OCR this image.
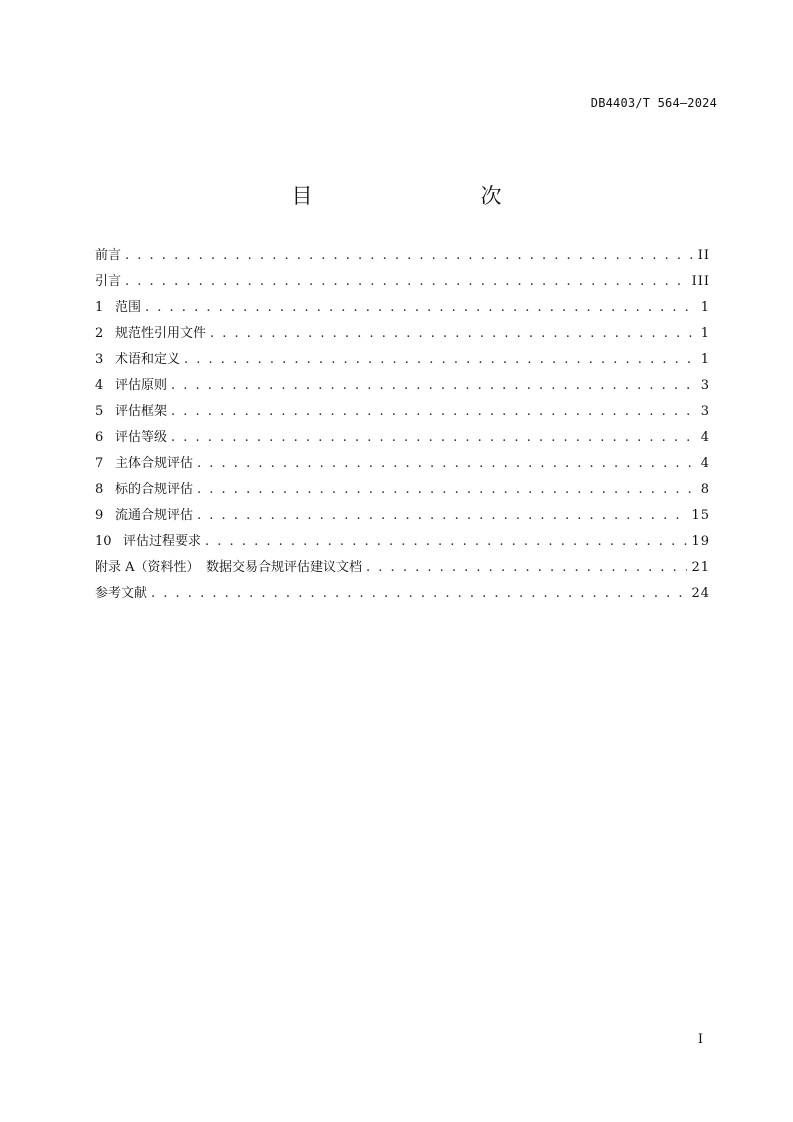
DB4403/T 564—2024
目　　次
前言 . . .	II
引言 . . .	III
1 范围 . . .	1
2 规范性引用文件 . . .	1
3 术语和定义 . . .	1
4 评估原则 . . .	3
5 评估框架 . . .	3
6 评估等级 . . .	4
7 主体合规评估 . . .	4
8 标的合规评估 . . .	8
9 流通合规评估 . . .	15
10 评估过程要求 . . .	19
附录 A（资料性）　数据交易合规评估建议文档 . . .	21
参考文献 . . .	24
I
